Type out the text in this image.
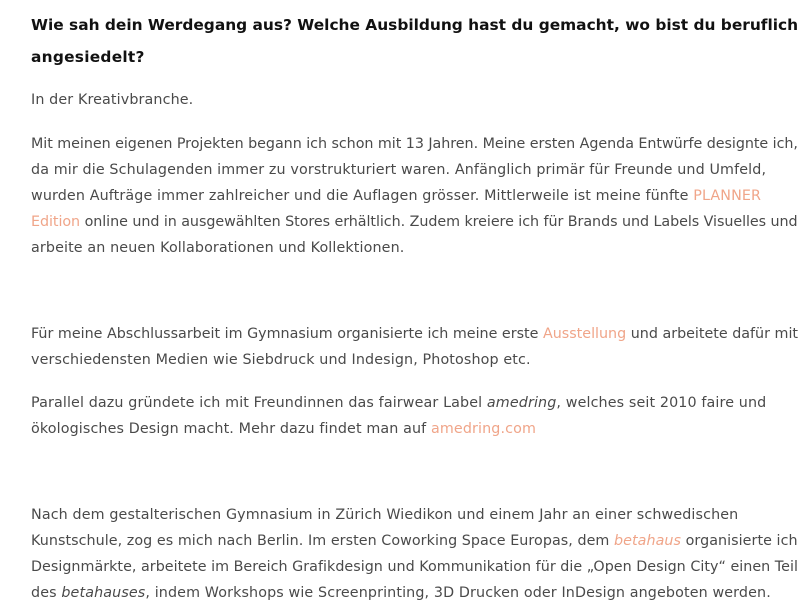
Wie sah dein Werdegang aus? Welche Ausbildung hast du gemacht, wo bist du beruflich

angesiedelt?

In der Kreativbranche.

Mit meinen eigenen Projekten begann ich schon mit 13 Jahren. Meine ersten Agenda Entwürfe designte ich,

da mir die Schulagenden immer zu vorstrukturiert waren. Anfänglich primär für Freunde und Umfeld,

wurden Aufträge immer zahlreicher und die Auflagen grösser. Mittlerweile ist meine fünfte PLANNER

Edition online und in ausgewählten Stores erhältlich. Zudem kreiere ich für Brands und Labels Visuelles und

arbeite an neuen Kollaborationen und Kollektionen.

Für meine Abschlussarbeit im Gymnasium organisierte ich meine erste Ausstellung und arbeitete dafür mit

verschiedensten Medien wie Siebdruck und Indesign, Photoshop etc.

Parallel dazu gründete ich mit Freundinnen das fairwear Label amedring, welches seit 2010 faire und

ökologisches Design macht. Mehr dazu findet man auf amedring.com

Nach dem gestalterischen Gymnasium in Zürich Wiedikon und einem Jahr an einer schwedischen

Kunstschule, zog es mich nach Berlin. Im ersten Coworking Space Europas, dem betahaus organisierte ich

Designmärkte, arbeitete im Bereich Grafikdesign und Kommunikation für die „Open Design City“ einen Teil

des betahauses, indem Workshops wie Screenprinting, 3D Drucken oder InDesign angeboten werden.
